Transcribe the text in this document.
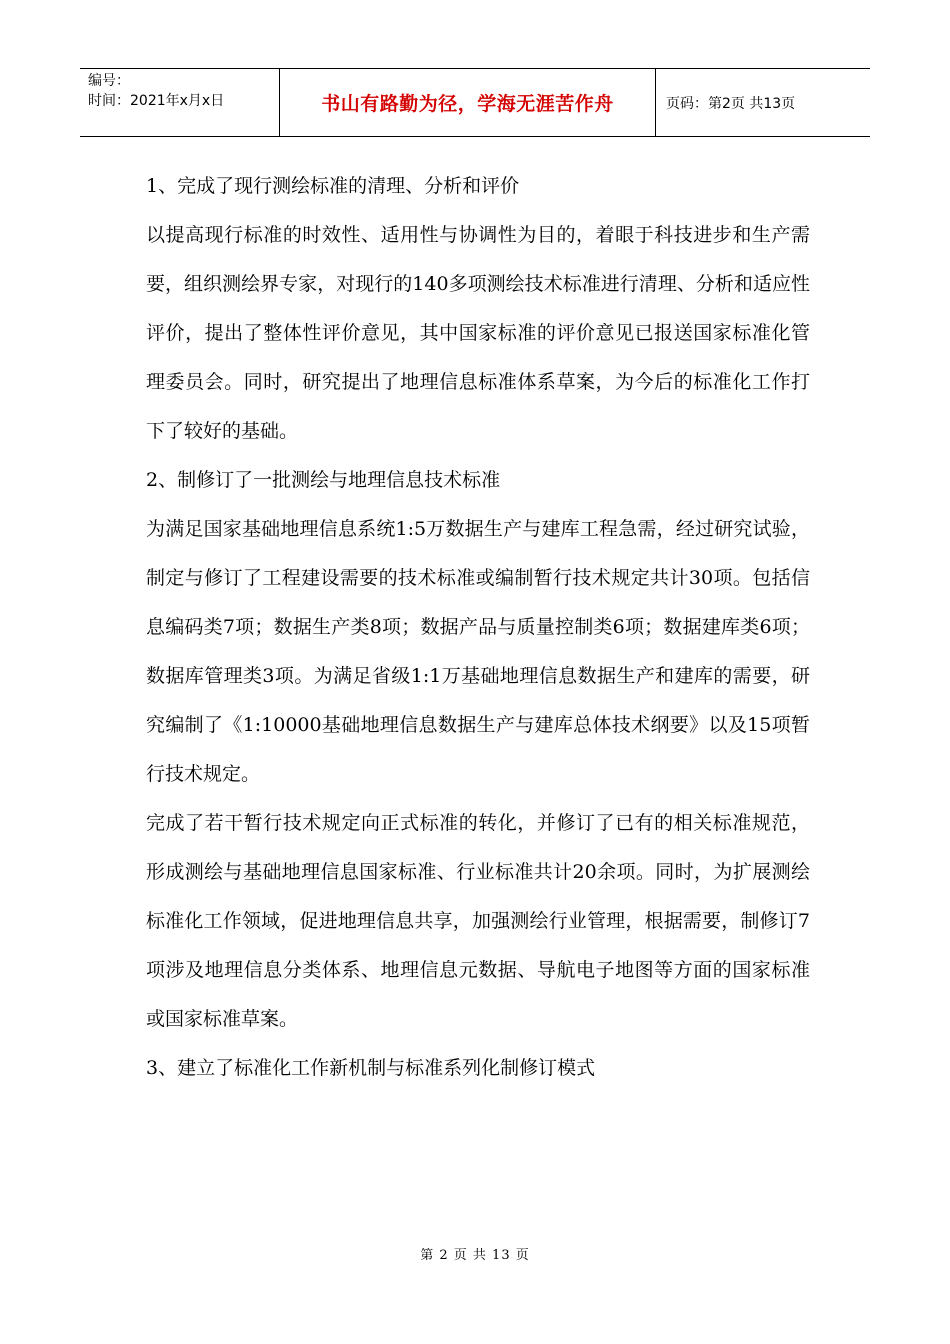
编号：
时间：2021年x月x日	书山有路勤为径，学海无涯苦作舟	页码：第2页 共13页

1、完成了现行测绘标准的清理、分析和评价

以提高现行标准的时效性、适用性与协调性为目的，着眼于科技进步和生产需要，组织测绘界专家，对现行的140多项测绘技术标准进行清理、分析和适应性评价，提出了整体性评价意见，其中国家标准的评价意见已报送国家标准化管理委员会。同时，研究提出了地理信息标准体系草案，为今后的标准化工作打下了较好的基础。

2、制修订了一批测绘与地理信息技术标准

为满足国家基础地理信息系统1:5万数据生产与建库工程急需，经过研究试验，制定与修订了工程建设需要的技术标准或编制暂行技术规定共计30项。包括信息编码类7项；数据生产类8项；数据产品与质量控制类6项；数据建库类6项；数据库管理类3项。为满足省级1:1万基础地理信息数据生产和建库的需要，研究编制了《1:10000基础地理信息数据生产与建库总体技术纲要》以及15项暂行技术规定。

完成了若干暂行技术规定向正式标准的转化，并修订了已有的相关标准规范，形成测绘与基础地理信息国家标准、行业标准共计20余项。同时，为扩展测绘标准化工作领域，促进地理信息共享，加强测绘行业管理，根据需要，制修订7项涉及地理信息分类体系、地理信息元数据、导航电子地图等方面的国家标准或国家标准草案。

3、建立了标准化工作新机制与标准系列化制修订模式

第 2 页 共 13 页
